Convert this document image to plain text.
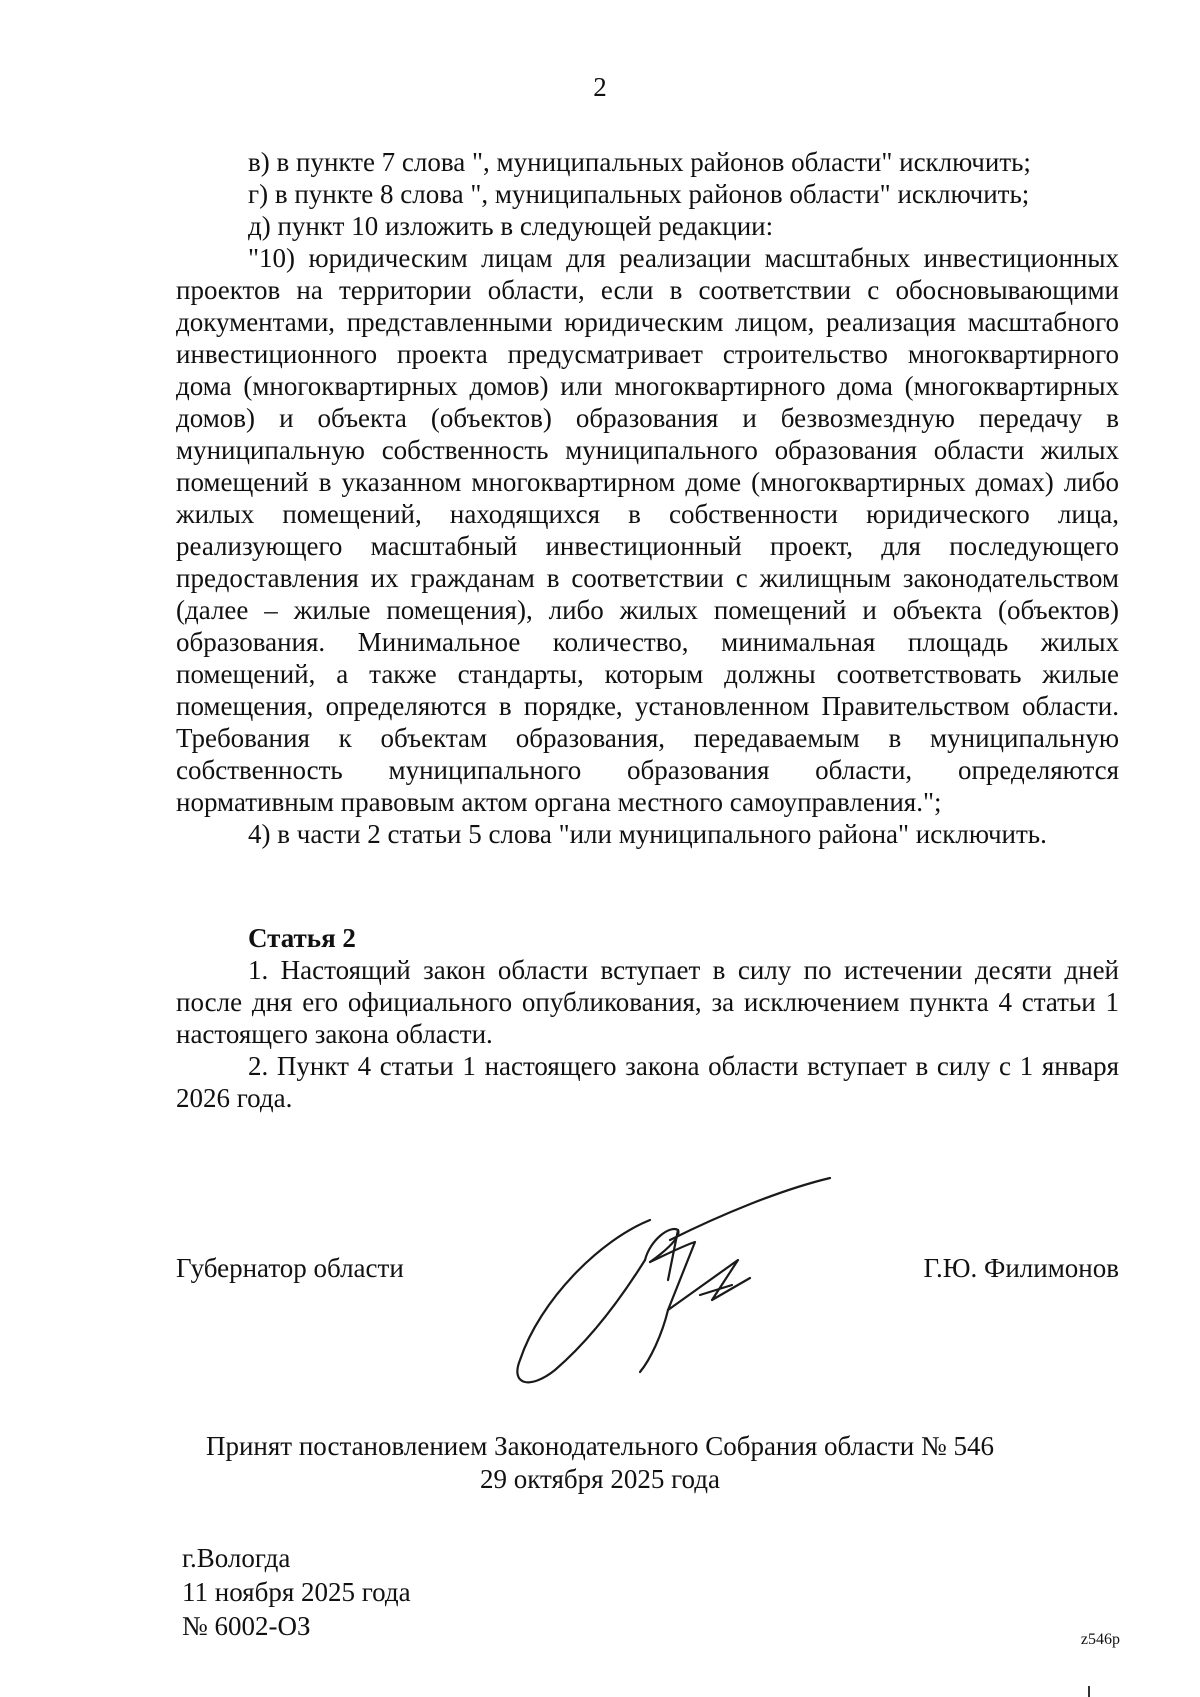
2

в) в пункте 7 слова ", муниципальных районов области" исключить;

г) в пункте 8 слова ", муниципальных районов области" исключить;

д) пункт 10 изложить в следующей редакции:

"10) юридическим лицам для реализации масштабных инвестиционных проектов на территории области, если в соответствии с обосновывающими документами, представленными юридическим лицом, реализация масштабного инвестиционного проекта предусматривает строительство многоквартирного дома (многоквартирных домов) или многоквартирного дома (многоквартирных домов) и объекта (объектов) образования и безвозмездную передачу в муниципальную собственность муниципального образования области жилых помещений в указанном многоквартирном доме (многоквартирных домах) либо жилых помещений, находящихся в собственности юридического лица, реализующего масштабный инвестиционный проект, для последующего предоставления их гражданам в соответствии с жилищным законодательством (далее – жилые помещения), либо жилых помещений и объекта (объектов) образования. Минимальное количество, минимальная площадь жилых помещений, а также стандарты, которым должны соответствовать жилые помещения, определяются в порядке, установленном Правительством области. Требования к объектам образования, передаваемым в муниципальную собственность муниципального образования области, определяются нормативным правовым актом органа местного самоуправления.";

4) в части 2 статьи 5 слова "или муниципального района" исключить.

Статья 2

1. Настоящий закон области вступает в силу по истечении десяти дней после дня его официального опубликования, за исключением пункта 4 статьи 1 настоящего закона области.

2. Пункт 4 статьи 1 настоящего закона области вступает в силу с 1 января 2026 года.

Губернатор области	Г.Ю. Филимонов
Принят постановлением Законодательного Собрания области № 546
29 октября 2025 года
г.Вологда
11 ноября 2025 года
№ 6002-ОЗ	z546p
